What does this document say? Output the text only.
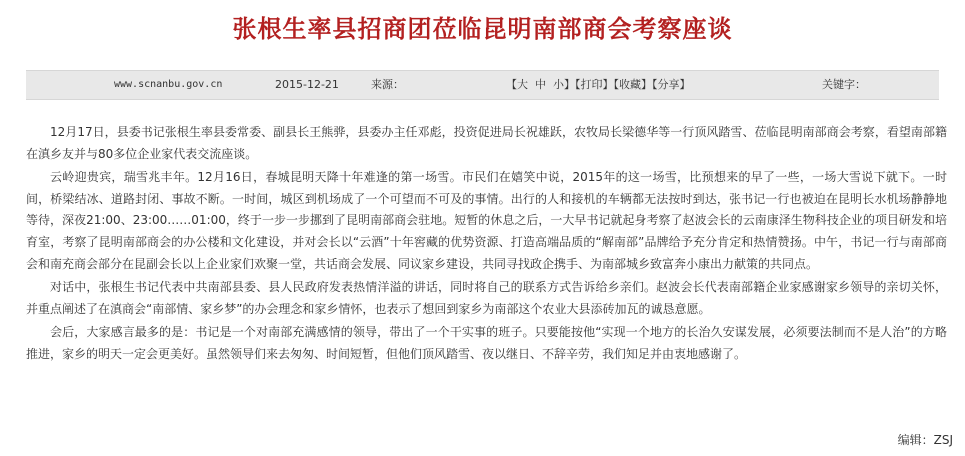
张根生率县招商团莅临昆明南部商会考察座谈
www.scnanbu.gov.cn	2015-12-21	来源：	【大 中 小】【打印】【收藏】【分享】	关键字：

12月17日，县委书记张根生率县委常委、副县长王熊骅，县委办主任邓彪，投资促进局长祝雄跃，农牧局长梁德华等一行顶风踏雪、莅临昆明南部商会考察，看望南部籍在滇乡友并与80多位企业家代表交流座谈。

云岭迎贵宾，瑞雪兆丰年。12月16日，春城昆明天降十年难逢的第一场雪。市民们在嬉笑中说，2015年的这一场雪，比预想来的早了一些，一场大雪说下就下。一时间，桥梁结冰、道路封闭、事故不断。一时间，城区到机场成了一个可望而不可及的事情。出行的人和接机的车辆都无法按时到达，张书记一行也被迫在昆明长水机场静静地等待，深夜21:00、23:00……01:00，终于一步一步挪到了昆明南部商会驻地。短暂的休息之后，一大早书记就起身考察了赵波会长的云南康泽生物科技企业的项目研发和培育室，考察了昆明南部商会的办公楼和文化建设，并对会长以“云酒”十年窖藏的优势资源、打造高端品质的“解南部”品牌给予充分肯定和热情赞扬。中午，书记一行与南部商会和南充商会部分在昆副会长以上企业家们欢聚一堂，共话商会发展、同议家乡建设，共同寻找政企携手、为南部城乡致富奔小康出力献策的共同点。

对话中，张根生书记代表中共南部县委、县人民政府发表热情洋溢的讲话，同时将自己的联系方式告诉给乡亲们。赵波会长代表南部籍企业家感谢家乡领导的亲切关怀，并重点阐述了在滇商会“南部情、家乡梦”的办会理念和家乡情怀，也表示了想回到家乡为南部这个农业大县添砖加瓦的诚恳意愿。

会后，大家感言最多的是：书记是一个对南部充满感情的领导，带出了一个干实事的班子。只要能按他“实现一个地方的长治久安谋发展，必须要法制而不是人治”的方略推进，家乡的明天一定会更美好。虽然领导们来去匆匆、时间短暂，但他们顶风踏雪、夜以继日、不辞辛劳，我们知足并由衷地感谢了。

编辑：ZSJ
